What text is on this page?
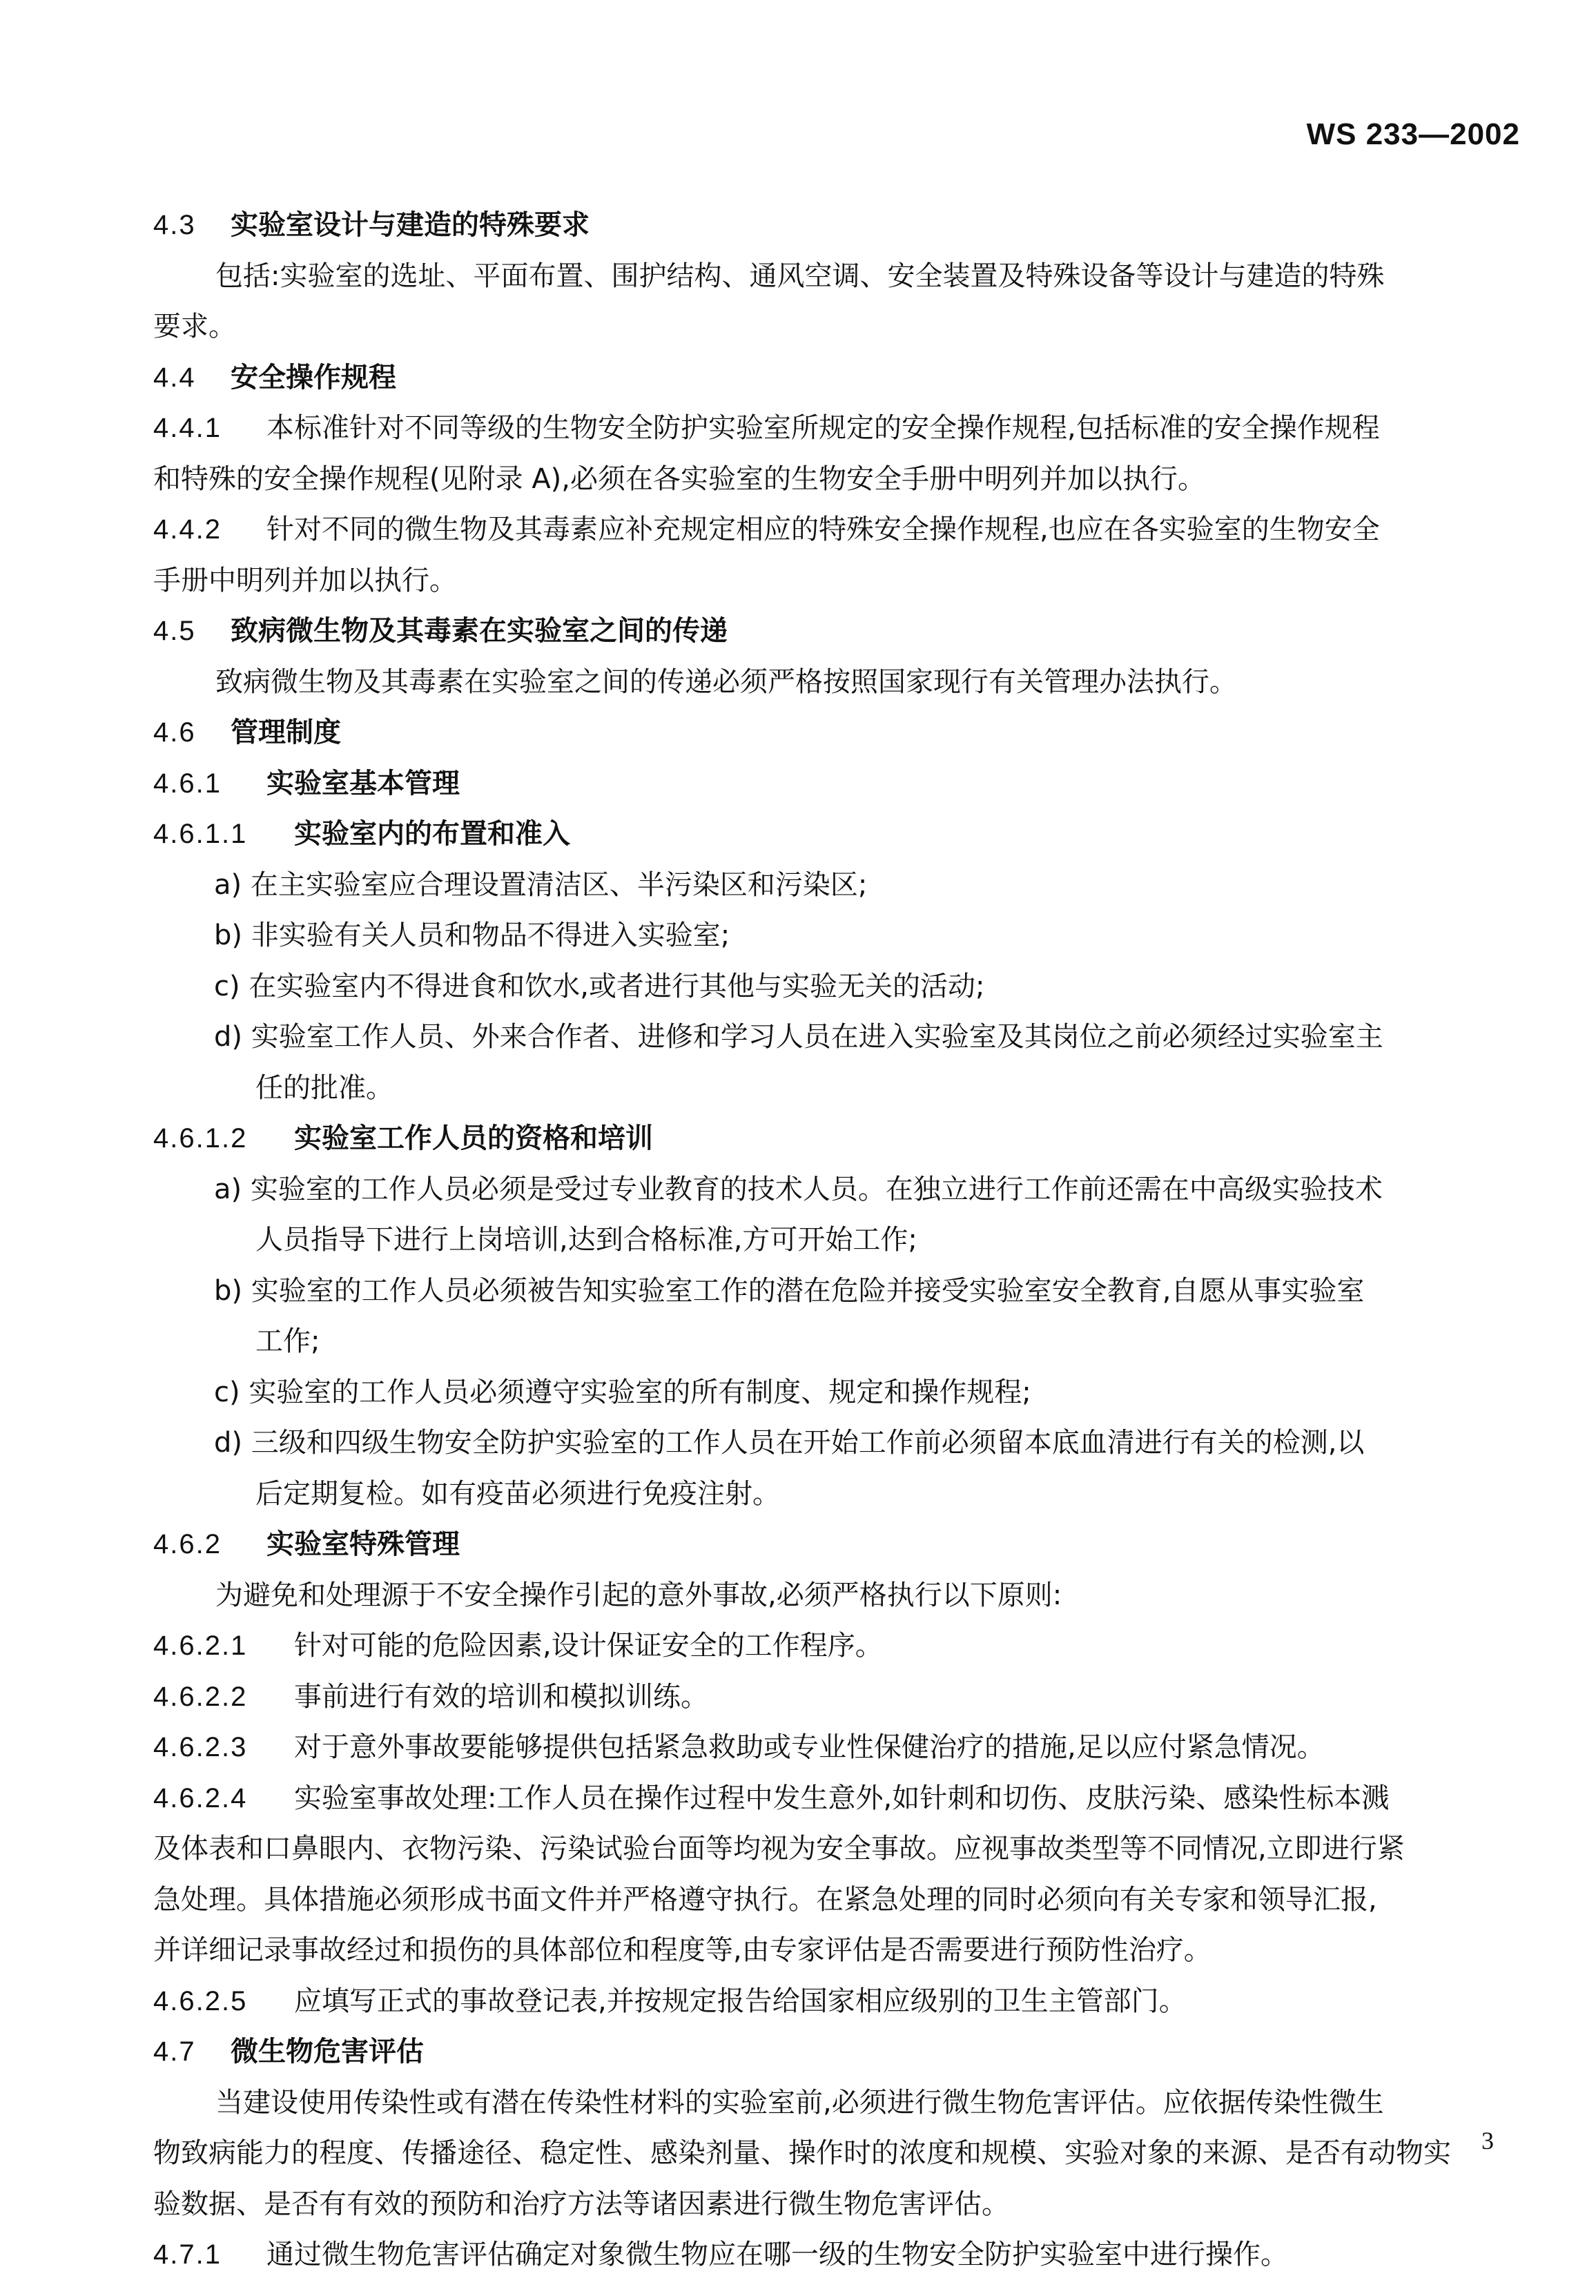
WS 233—2002
4.3 实验室设计与建造的特殊要求
包括:实验室的选址、平面布置、围护结构、通风空调、安全装置及特殊设备等设计与建造的特殊
要求。
4.4 安全操作规程
4.4.1 本标准针对不同等级的生物安全防护实验室所规定的安全操作规程,包括标准的安全操作规程
和特殊的安全操作规程(见附录 A),必须在各实验室的生物安全手册中明列并加以执行。
4.4.2 针对不同的微生物及其毒素应补充规定相应的特殊安全操作规程,也应在各实验室的生物安全
手册中明列并加以执行。
4.5 致病微生物及其毒素在实验室之间的传递
致病微生物及其毒素在实验室之间的传递必须严格按照国家现行有关管理办法执行。
4.6 管理制度
4.6.1 实验室基本管理
4.6.1.1 实验室内的布置和准入
a) 在主实验室应合理设置清洁区、半污染区和污染区;
b) 非实验有关人员和物品不得进入实验室;
c) 在实验室内不得进食和饮水,或者进行其他与实验无关的活动;
d) 实验室工作人员、外来合作者、进修和学习人员在进入实验室及其岗位之前必须经过实验室主
任的批准。
4.6.1.2 实验室工作人员的资格和培训
a) 实验室的工作人员必须是受过专业教育的技术人员。在独立进行工作前还需在中高级实验技术
人员指导下进行上岗培训,达到合格标准,方可开始工作;
b) 实验室的工作人员必须被告知实验室工作的潜在危险并接受实验室安全教育,自愿从事实验室
工作;
c) 实验室的工作人员必须遵守实验室的所有制度、规定和操作规程;
d) 三级和四级生物安全防护实验室的工作人员在开始工作前必须留本底血清进行有关的检测,以
后定期复检。如有疫苗必须进行免疫注射。
4.6.2 实验室特殊管理
为避免和处理源于不安全操作引起的意外事故,必须严格执行以下原则:
4.6.2.1 针对可能的危险因素,设计保证安全的工作程序。
4.6.2.2 事前进行有效的培训和模拟训练。
4.6.2.3 对于意外事故要能够提供包括紧急救助或专业性保健治疗的措施,足以应付紧急情况。
4.6.2.4 实验室事故处理:工作人员在操作过程中发生意外,如针刺和切伤、皮肤污染、感染性标本溅
及体表和口鼻眼内、衣物污染、污染试验台面等均视为安全事故。应视事故类型等不同情况,立即进行紧
急处理。具体措施必须形成书面文件并严格遵守执行。在紧急处理的同时必须向有关专家和领导汇报,
并详细记录事故经过和损伤的具体部位和程度等,由专家评估是否需要进行预防性治疗。
4.6.2.5 应填写正式的事故登记表,并按规定报告给国家相应级别的卫生主管部门。
4.7 微生物危害评估
当建设使用传染性或有潜在传染性材料的实验室前,必须进行微生物危害评估。应依据传染性微生
物致病能力的程度、传播途径、稳定性、感染剂量、操作时的浓度和规模、实验对象的来源、是否有动物实
验数据、是否有有效的预防和治疗方法等诸因素进行微生物危害评估。
4.7.1 通过微生物危害评估确定对象微生物应在哪一级的生物安全防护实验室中进行操作。
3
